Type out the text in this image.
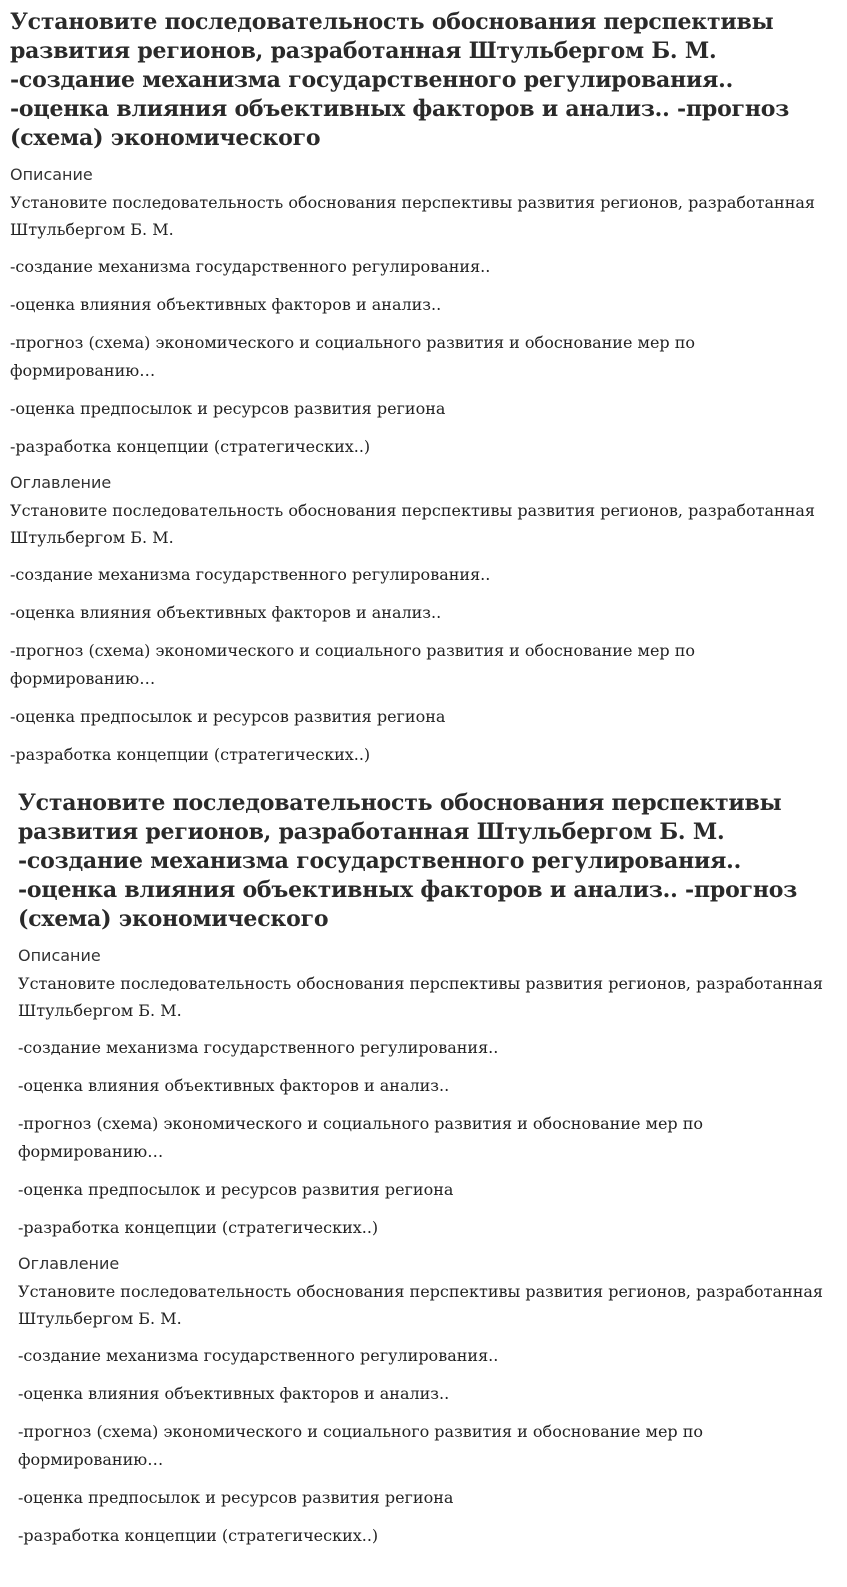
Установите последовательность обоснования перспективы развития регионов, разработанная Штульбергом Б. М. -создание механизма государственного регулирования.. -оценка влияния объективных факторов и анализ.. -прогноз (схема) экономического
Описание

Установите последовательность обоснования перспективы развития регионов, разработанная Штульбергом Б. М.

-создание механизма государственного регулирования..

-оценка влияния объективных факторов и анализ..

-прогноз (схема) экономического и социального развития и обоснование мер по формированию…

-оценка предпосылок и ресурсов развития региона

-разработка концепции (стратегических..)

Оглавление

Установите последовательность обоснования перспективы развития регионов, разработанная Штульбергом Б. М.

-создание механизма государственного регулирования..

-оценка влияния объективных факторов и анализ..

-прогноз (схема) экономического и социального развития и обоснование мер по формированию…

-оценка предпосылок и ресурсов развития региона

-разработка концепции (стратегических..)

Установите последовательность обоснования перспективы развития регионов, разработанная Штульбергом Б. М. -создание механизма государственного регулирования.. -оценка влияния объективных факторов и анализ.. -прогноз (схема) экономического
Описание

Установите последовательность обоснования перспективы развития регионов, разработанная Штульбергом Б. М.

-создание механизма государственного регулирования..

-оценка влияния объективных факторов и анализ..

-прогноз (схема) экономического и социального развития и обоснование мер по формированию…

-оценка предпосылок и ресурсов развития региона

-разработка концепции (стратегических..)

Оглавление

Установите последовательность обоснования перспективы развития регионов, разработанная Штульбергом Б. М.

-создание механизма государственного регулирования..

-оценка влияния объективных факторов и анализ..

-прогноз (схема) экономического и социального развития и обоснование мер по формированию…

-оценка предпосылок и ресурсов развития региона

-разработка концепции (стратегических..)
